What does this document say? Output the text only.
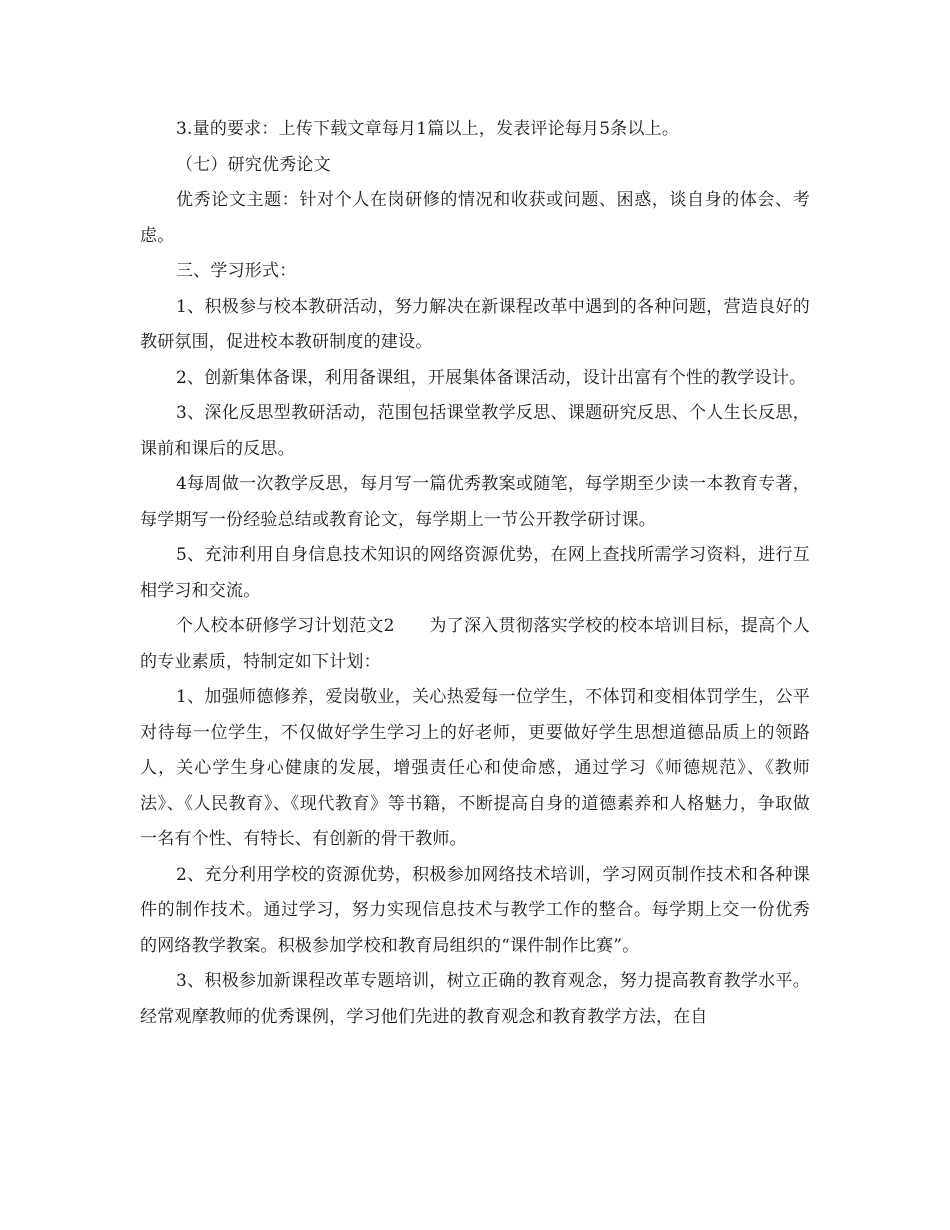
3.量的要求：上传下载文章每月1篇以上，发表评论每月5条以上。

（七）研究优秀论文

优秀论文主题：针对个人在岗研修的情况和收获或问题、困惑，谈自身的体会、考虑。

三、学习形式：

1、积极参与校本教研活动，努力解决在新课程改革中遇到的各种问题，营造良好的教研氛围，促进校本教研制度的建设。

2、创新集体备课，利用备课组，开展集体备课活动，设计出富有个性的教学设计。

3、深化反思型教研活动，范围包括课堂教学反思、课题研究反思、个人生长反思，课前和课后的反思。

4每周做一次教学反思，每月写一篇优秀教案或随笔，每学期至少读一本教育专著，每学期写一份经验总结或教育论文，每学期上一节公开教学研讨课。

5、充沛利用自身信息技术知识的网络资源优势，在网上查找所需学习资料，进行互相学习和交流。

个人校本研修学习计划范文2　　为了深入贯彻落实学校的校本培训目标，提高个人的专业素质，特制定如下计划：

1、加强师德修养，爱岗敬业，关心热爱每一位学生，不体罚和变相体罚学生，公平对待每一位学生，不仅做好学生学习上的好老师，更要做好学生思想道德品质上的领路人，关心学生身心健康的发展，增强责任心和使命感，通过学习《师德规范》、《教师法》、《人民教育》、《现代教育》等书籍，不断提高自身的道德素养和人格魅力，争取做一名有个性、有特长、有创新的骨干教师。

2、充分利用学校的资源优势，积极参加网络技术培训，学习网页制作技术和各种课件的制作技术。通过学习，努力实现信息技术与教学工作的整合。每学期上交一份优秀的网络教学教案。积极参加学校和教育局组织的“课件制作比赛”。

3、积极参加新课程改革专题培训，树立正确的教育观念，努力提高教育教学水平。经常观摩教师的优秀课例，学习他们先进的教育观念和教育教学方法，在自
